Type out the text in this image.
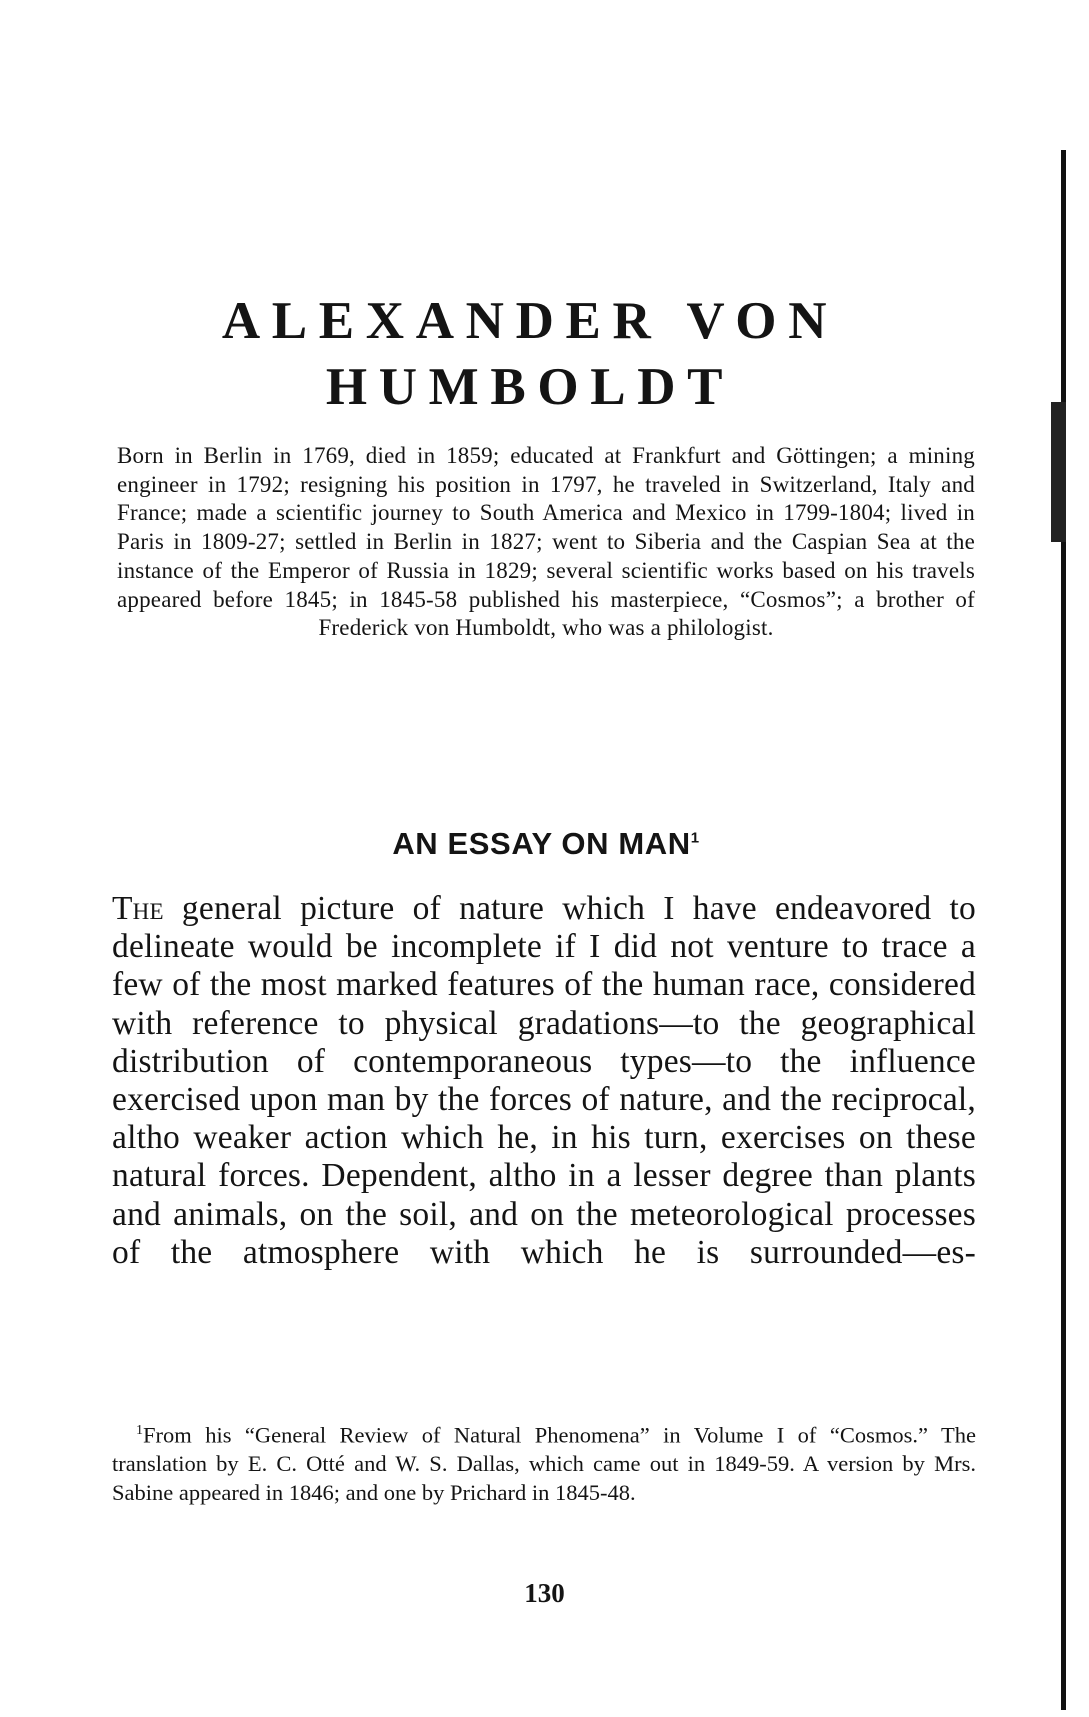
ALEXANDER VON
HUMBOLDT

Born in Berlin in 1769, died in 1859; educated at Frankfurt and Göttingen; a mining engineer in 1792; resigning his position in 1797, he traveled in Switzerland, Italy and France; made a scientific journey to South America and Mexico in 1799-1804; lived in Paris in 1809-27; settled in Berlin in 1827; went to Siberia and the Caspian Sea at the instance of the Emperor of Russia in 1829; several scientific works based on his travels appeared before 1845; in 1845-58 published his masterpiece, “Cosmos”; a brother of Frederick von Humboldt, who was a philologist.

AN ESSAY ON MAN$^1$

The general picture of nature which I have endeavored to delineate would be incomplete if I did not venture to trace a few of the most marked features of the human race, considered with reference to physical gradations—to the geographical distribution of contemporaneous types—to the influence exercised upon man by the forces of nature, and the reciprocal, altho weaker action which he, in his turn, exercises on these natural forces. Dependent, altho in a lesser degree than plants and animals, on the soil, and on the meteorological processes of the atmosphere with which he is surrounded—es-

$^1$From his “General Review of Natural Phenomena” in Volume I of “Cosmos.” The translation by E. C. Otté and W. S. Dallas, which came out in 1849-59. A version by Mrs. Sabine appeared in 1846; and one by Prichard in 1845-48.

130
